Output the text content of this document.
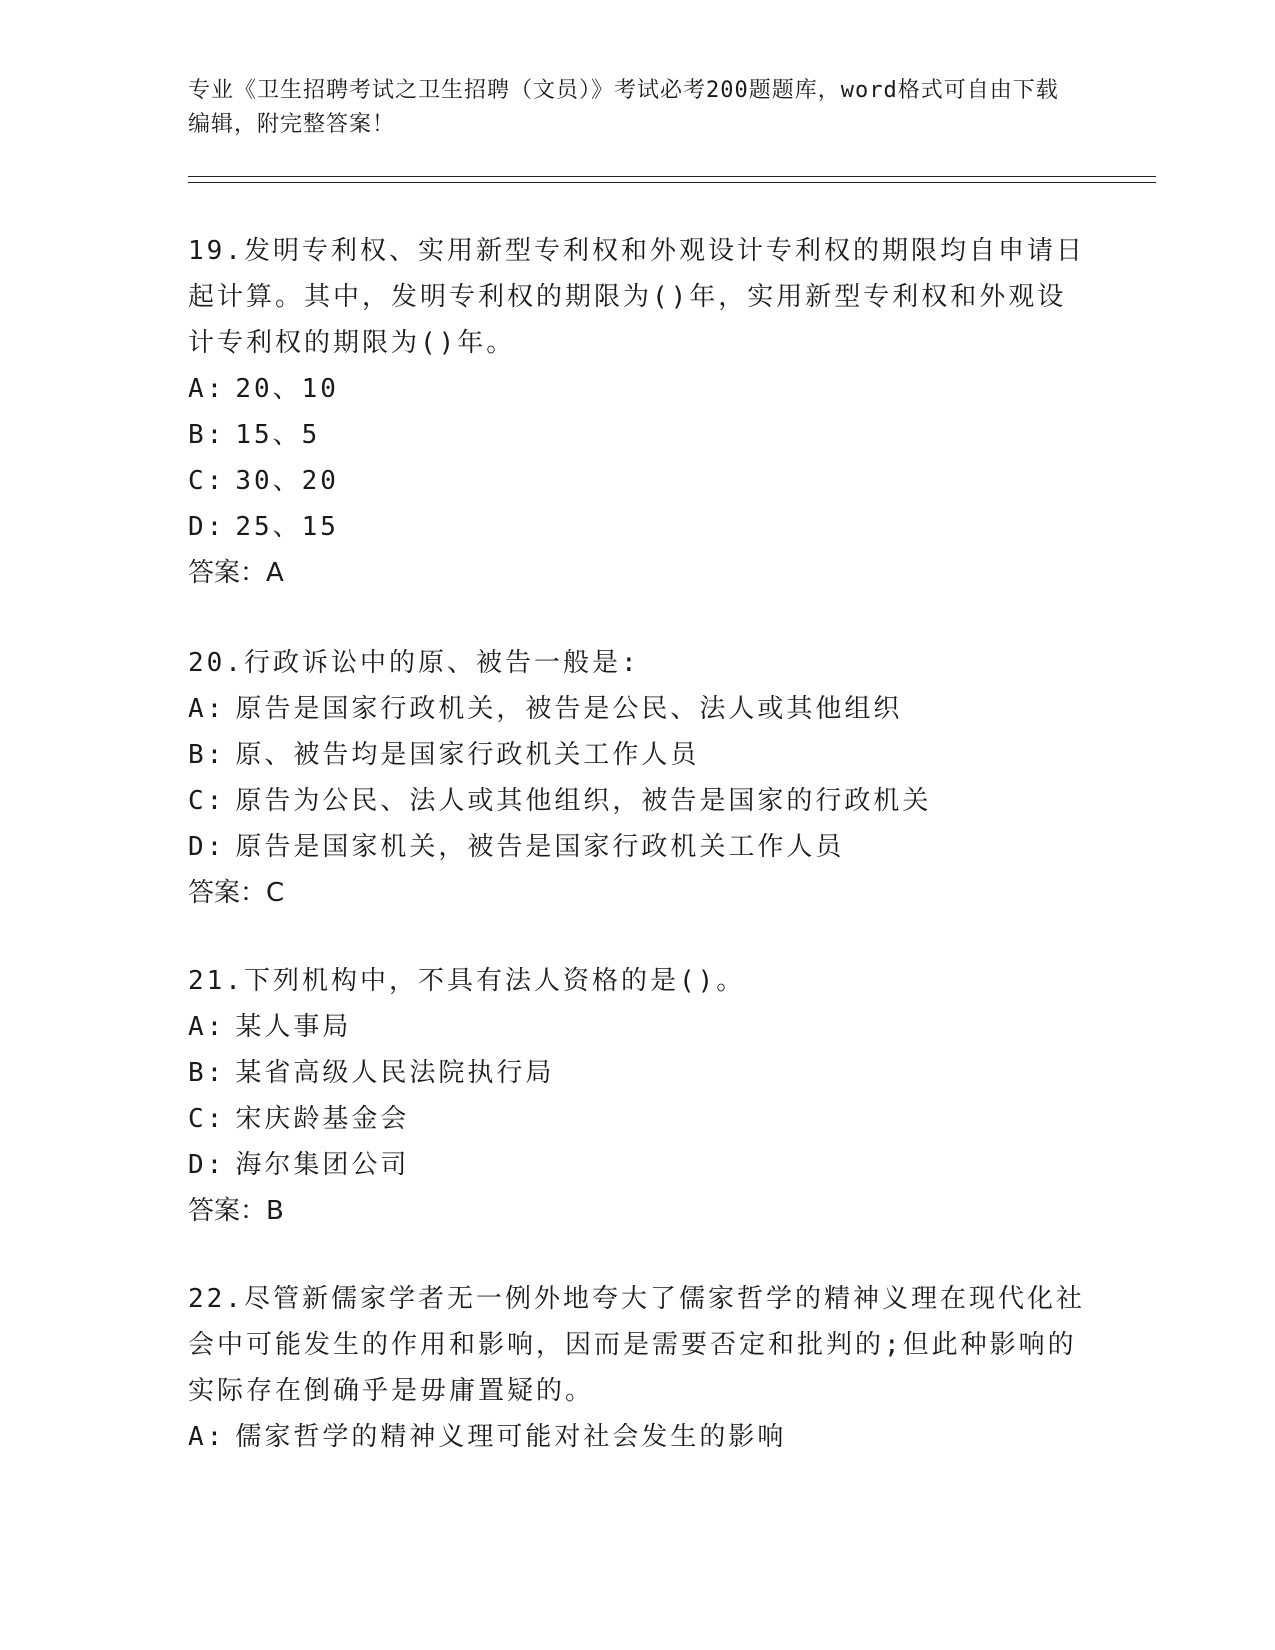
专业《卫生招聘考试之卫生招聘（文员）》考试必考200题题库，word格式可自由下载编辑，附完整答案！

19.发明专利权、实用新型专利权和外观设计专利权的期限均自申请日起计算。其中，发明专利权的期限为()年，实用新型专利权和外观设计专利权的期限为()年。

A: 20、10

B: 15、5

C: 30、20

D: 25、15

答案：A

20.行政诉讼中的原、被告一般是:

A: 原告是国家行政机关，被告是公民、法人或其他组织

B: 原、被告均是国家行政机关工作人员

C: 原告为公民、法人或其他组织，被告是国家的行政机关

D: 原告是国家机关，被告是国家行政机关工作人员

答案：C

21.下列机构中，不具有法人资格的是()。

A: 某人事局

B: 某省高级人民法院执行局

C: 宋庆龄基金会

D: 海尔集团公司

答案：B

22.尽管新儒家学者无一例外地夸大了儒家哲学的精神义理在现代化社会中可能发生的作用和影响，因而是需要否定和批判的;但此种影响的实际存在倒确乎是毋庸置疑的。

A: 儒家哲学的精神义理可能对社会发生的影响
